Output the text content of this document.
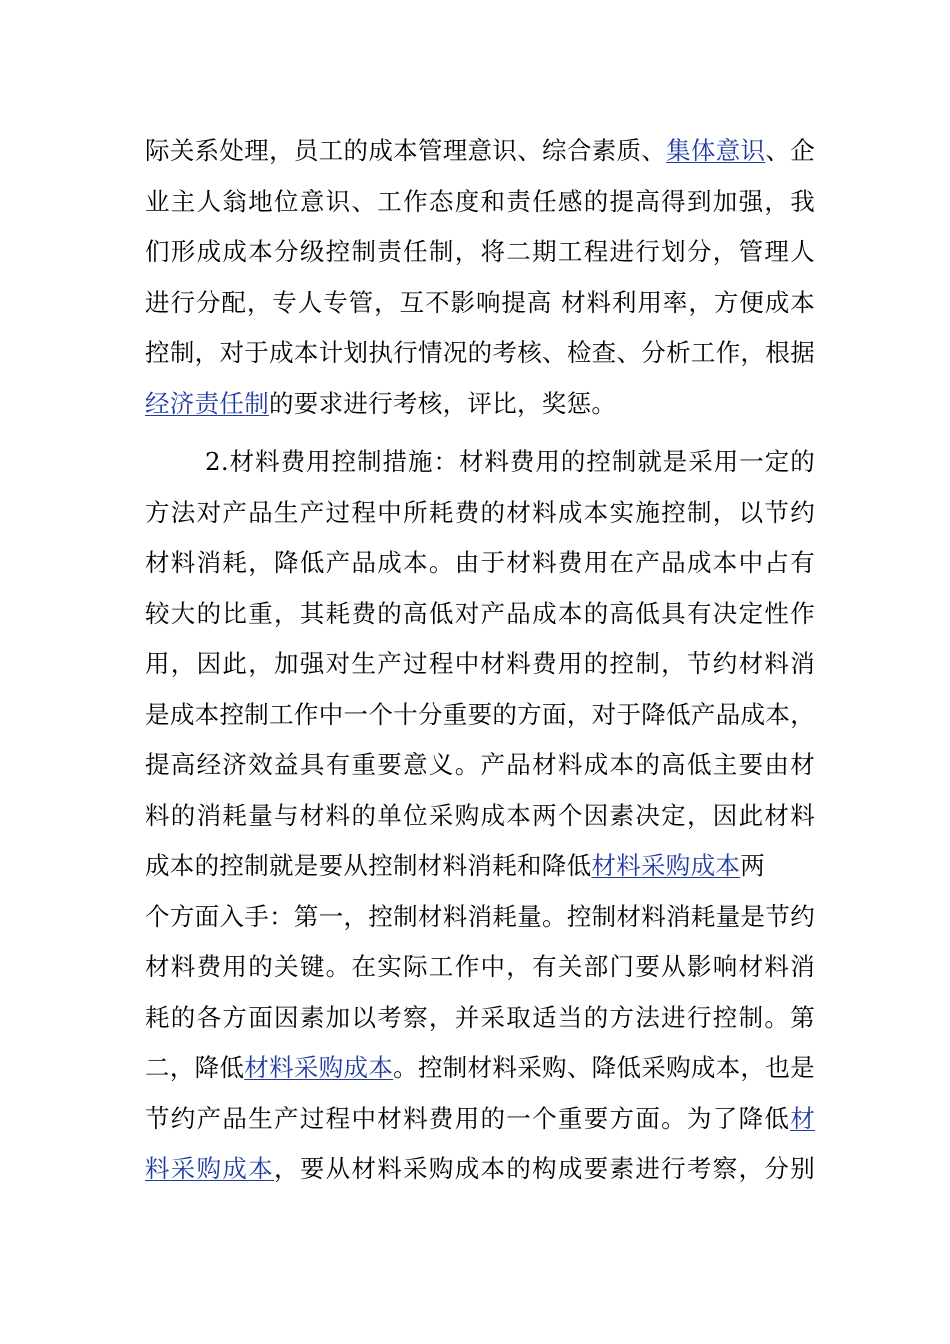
际关系处理，员工的成本管理意识、综合素质、集体意识、企
业主人翁地位意识、工作态度和责任感的提高得到加强，我
们形成成本分级控制责任制，将二期工程进行划分，管理人
进行分配，专人专管，互不影响提高 材料利用率，方便成本
控制，对于成本计划执行情况的考核、检查、分析工作，根据
经济责任制的要求进行考核，评比，奖惩。
2.材料费用控制措施：材料费用的控制就是采用一定的
方法对产品生产过程中所耗费的材料成本实施控制，以节约
材料消耗，降低产品成本。由于材料费用在产品成本中占有
较大的比重，其耗费的高低对产品成本的高低具有决定性作
用，因此，加强对生产过程中材料费用的控制，节约材料消
是成本控制工作中一个十分重要的方面，对于降低产品成本，
提高经济效益具有重要意义。产品材料成本的高低主要由材
料的消耗量与材料的单位采购成本两个因素决定，因此材料
成本的控制就是要从控制材料消耗和降低材料采购成本两
个方面入手：第一，控制材料消耗量。控制材料消耗量是节约
材料费用的关键。在实际工作中，有关部门要从影响材料消
耗的各方面因素加以考察，并采取适当的方法进行控制。第
二，降低材料采购成本。控制材料采购、降低采购成本，也是
节约产品生产过程中材料费用的一个重要方面。为了降低材
料采购成本，要从材料采购成本的构成要素进行考察，分别
